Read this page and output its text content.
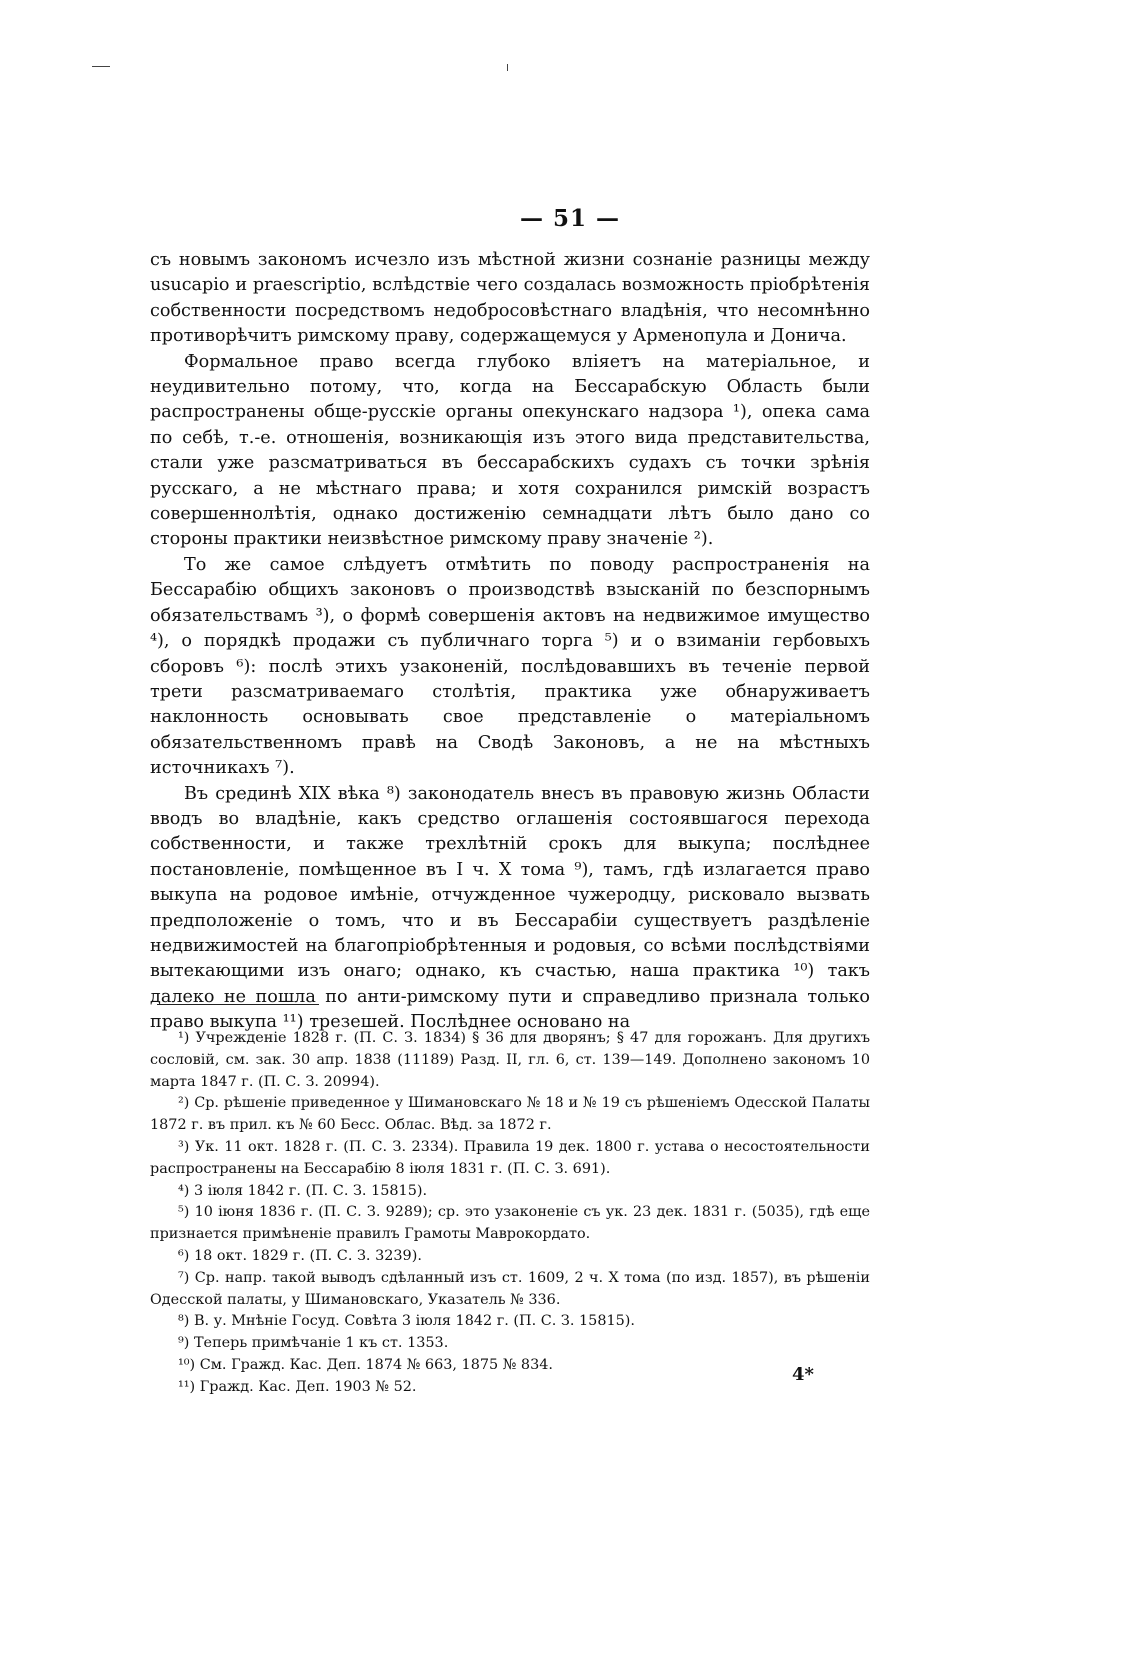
— 51 —

съ новымъ закономъ исчезло изъ мѣстной жизни сознаніе разницы между usucapio и praescriptio, вслѣдствіе чего создалась возможность пріобрѣтенія собственности посредствомъ недобросовѣстнаго владѣнія, что несомнѣнно противорѣчитъ римскому праву, содержащемуся у Арменопула и Донича.

Формальное право всегда глубоко вліяетъ на матеріальное, и неудивительно потому, что, когда на Бессарабскую Область были распространены обще-русскіе органы опекунскаго надзора ¹), опека сама по себѣ, т.-е. отношенія, возникающія изъ этого вида представительства, стали уже разсматриваться въ бессарабскихъ судахъ съ точки зрѣнія русскаго, а не мѣстнаго права; и хотя сохранился римскій возрастъ совершеннолѣтія, однако достиженію семнадцати лѣтъ было дано со стороны практики неизвѣстное римскому праву значеніе ²).

То же самое слѣдуетъ отмѣтить по поводу распространенія на Бессарабію общихъ законовъ о производствѣ взысканій по безспорнымъ обязательствамъ ³), о формѣ совершенія актовъ на недвижимое имущество ⁴), о порядкѣ продажи съ публичнаго торга ⁵) и о взиманіи гербовыхъ сборовъ ⁶): послѣ этихъ узаконеній, послѣдовавшихъ въ теченіе первой трети разсматриваемаго столѣтія, практика уже обнаруживаетъ наклонность основывать свое представленіе о матеріальномъ обязательственномъ правѣ на Сводѣ Законовъ, а не на мѣстныхъ источникахъ ⁷).

Въ срединѣ XIX вѣка ⁸) законодатель внесъ въ правовую жизнь Области вводъ во владѣніе, какъ средство оглашенія состоявшагося перехода собственности, и также трехлѣтній срокъ для выкупа; послѣднее постановленіе, помѣщенное въ I ч. X тома ⁹), тамъ, гдѣ излагается право выкупа на родовое имѣніе, отчужденное чужеродцу, рисковало вызвать предположеніе о томъ, что и въ Бессарабіи существуетъ раздѣленіе недвижимостей на благопріобрѣтенныя и родовыя, со всѣми послѣдствіями вытекающими изъ онаго; однако, къ счастью, наша практика ¹⁰) такъ далеко не пошла по анти-римскому пути и справедливо признала только право выкупа ¹¹) трезешей. Послѣднее основано на

¹) Учрежденіе 1828 г. (П. С. З. 1834) § 36 для дворянъ; § 47 для горожанъ. Для другихъ сословій, см. зак. 30 апр. 1838 (11189) Разд. II, гл. 6, ст. 139—149. Дополнено закономъ 10 марта 1847 г. (П. С. З. 20994).

²) Ср. рѣшеніе приведенное у Шимановскаго № 18 и № 19 съ рѣшеніемъ Одесской Палаты 1872 г. въ прил. къ № 60 Бесс. Облас. Вѣд. за 1872 г.

³) Ук. 11 окт. 1828 г. (П. С. З. 2334). Правила 19 дек. 1800 г. устава о несостоятельности распространены на Бессарабію 8 іюля 1831 г. (П. С. З. 691).

⁴) 3 іюля 1842 г. (П. С. З. 15815).

⁵) 10 іюня 1836 г. (П. С. З. 9289); ср. это узаконеніе съ ук. 23 дек. 1831 г. (5035), гдѣ еще признается примѣненіе правилъ Грамоты Маврокордато.

⁶) 18 окт. 1829 г. (П. С. З. 3239).

⁷) Ср. напр. такой выводъ сдѣланный изъ ст. 1609, 2 ч. X тома (по изд. 1857), въ рѣшеніи Одесской палаты, у Шимановскаго, Указатель № 336.

⁸) В. у. Мнѣніе Госуд. Совѣта 3 іюля 1842 г. (П. С. З. 15815).

⁹) Теперь примѣчаніе 1 къ ст. 1353.

¹⁰) См. Гражд. Кас. Деп. 1874 № 663, 1875 № 834.

¹¹) Гражд. Кас. Деп. 1903 № 52.

4*
